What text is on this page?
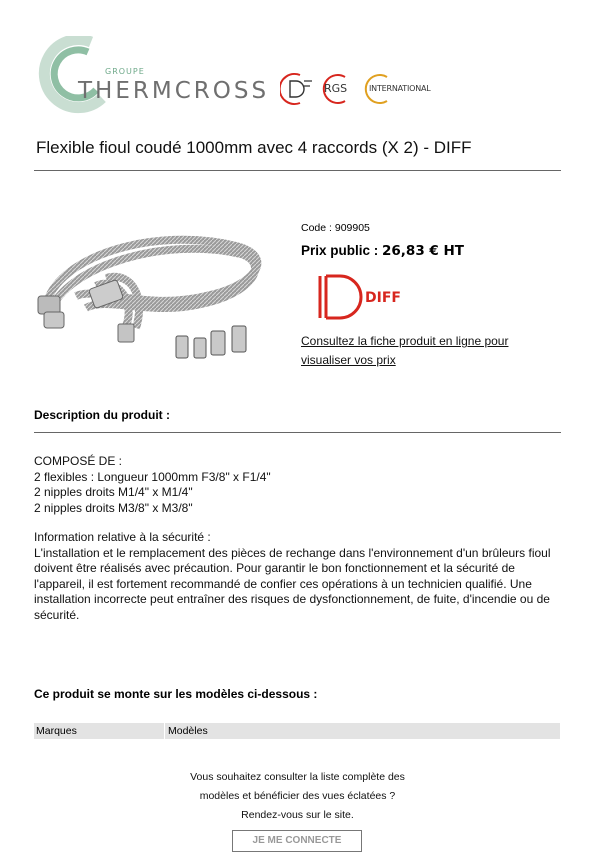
GROUPE
THERMCROSS	RGS	INTERNATIONAL
Flexible fioul coudé 1000mm avec 4 raccords (X 2) - DIFF
Code : 909905
Prix public : 26,83 € HT
DIFF
Consultez la fiche produit en ligne pour visualiser vos prix
Description du produit :
COMPOSÉ DE :
2 flexibles : Longueur 1000mm F3/8" x F1/4"
2 nipples droits M1/4" x M1/4"
2 nipples droits M3/8" x M3/8"
Information relative à la sécurité :
L'installation et le remplacement des pièces de rechange dans l'environnement d'un brûleurs fioul doivent être réalisés avec précaution. Pour garantir le bon fonctionnement et la sécurité de l'appareil, il est fortement recommandé de confier ces opérations à un technicien qualifié. Une installation incorrecte peut entraîner des risques de dysfonctionnement, de fuite, d'incendie ou de sécurité.
Ce produit se monte sur les modèles ci-dessous :
Marques	Modèles
Vous souhaitez consulter la liste complète des
modèles et bénéficier des vues éclatées ?
Rendez-vous sur le site.
JE ME CONNECTE
